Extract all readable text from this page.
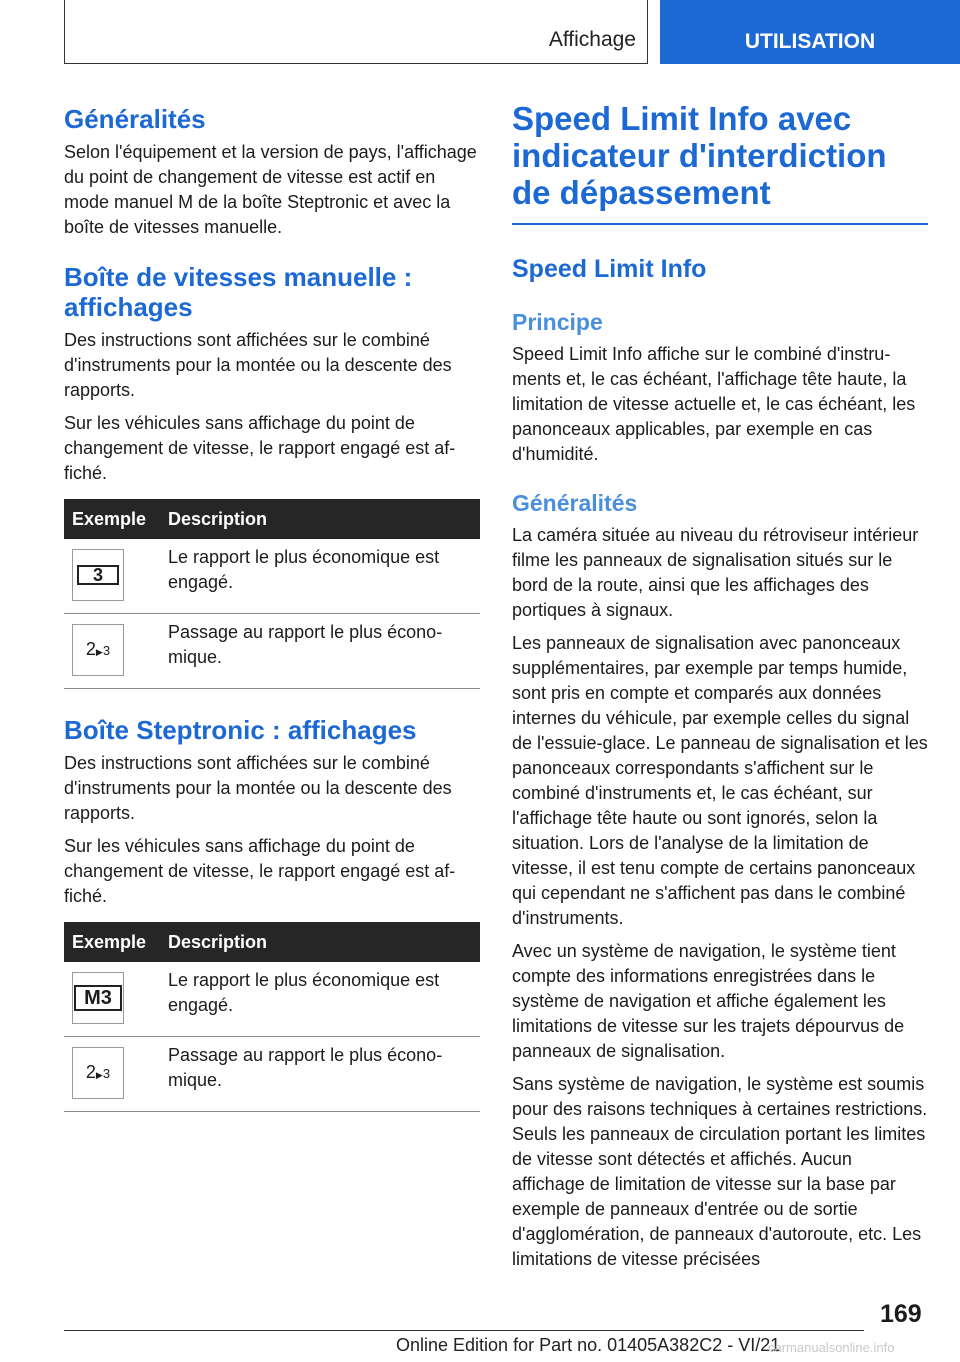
Affichage	UTILISATION
Généralités

Selon l'équipement et la version de pays, l'affichage du point de changement de vitesse est actif en mode manuel M de la boîte Steptronic et avec la boîte de vitesses manuelle.

Boîte de vitesses manuelle : affichages

Des instructions sont affichées sur le combiné d'instruments pour la montée ou la descente des rapports.

Sur les véhicules sans affichage du point de changement de vitesse, le rapport engagé est affiché.

Exemple	Description

3	Le rapport le plus économique est engagé.

2▶3	Passage au rapport le plus économique.
Boîte Steptronic : affichages

Des instructions sont affichées sur le combiné d'instruments pour la montée ou la descente des rapports.

Sur les véhicules sans affichage du point de changement de vitesse, le rapport engagé est affiché.

Exemple	Description

M3	Le rapport le plus économique est engagé.

2▶3	Passage au rapport le plus économique.
Speed Limit Info avec indicateur d'interdiction de dépassement
Speed Limit Info
Principe

Speed Limit Info affiche sur le combiné d'instruments et, le cas échéant, l'affichage tête haute, la limitation de vitesse actuelle et, le cas échéant, les panonceaux applicables, par exemple en cas d'humidité.

Généralités

La caméra située au niveau du rétroviseur intérieur filme les panneaux de signalisation situés sur le bord de la route, ainsi que les affichages des portiques à signaux.

Les panneaux de signalisation avec panonceaux supplémentaires, par exemple par temps humide, sont pris en compte et comparés aux données internes du véhicule, par exemple celles du signal de l'essuie-glace. Le panneau de signalisation et les panonceaux correspondants s'affichent sur le combiné d'instruments et, le cas échéant, sur l'affichage tête haute ou sont ignorés, selon la situation. Lors de l'analyse de la limitation de vitesse, il est tenu compte de certains panonceaux qui cependant ne s'affichent pas dans le combiné d'instruments.

Avec un système de navigation, le système tient compte des informations enregistrées dans le système de navigation et affiche également les limitations de vitesse sur les trajets dépourvus de panneaux de signalisation.

Sans système de navigation, le système est soumis pour des raisons techniques à certaines restrictions. Seuls les panneaux de circulation portant les limites de vitesse sont détectés et affichés. Aucun affichage de limitation de vitesse sur la base par exemple de panneaux d'entrée ou de sortie d'agglomération, de panneaux d'autoroute, etc. Les limitations de vitesse précisées

169
Online Edition for Part no. 01405A382C2 - VI/21
carmanualsonline.info
